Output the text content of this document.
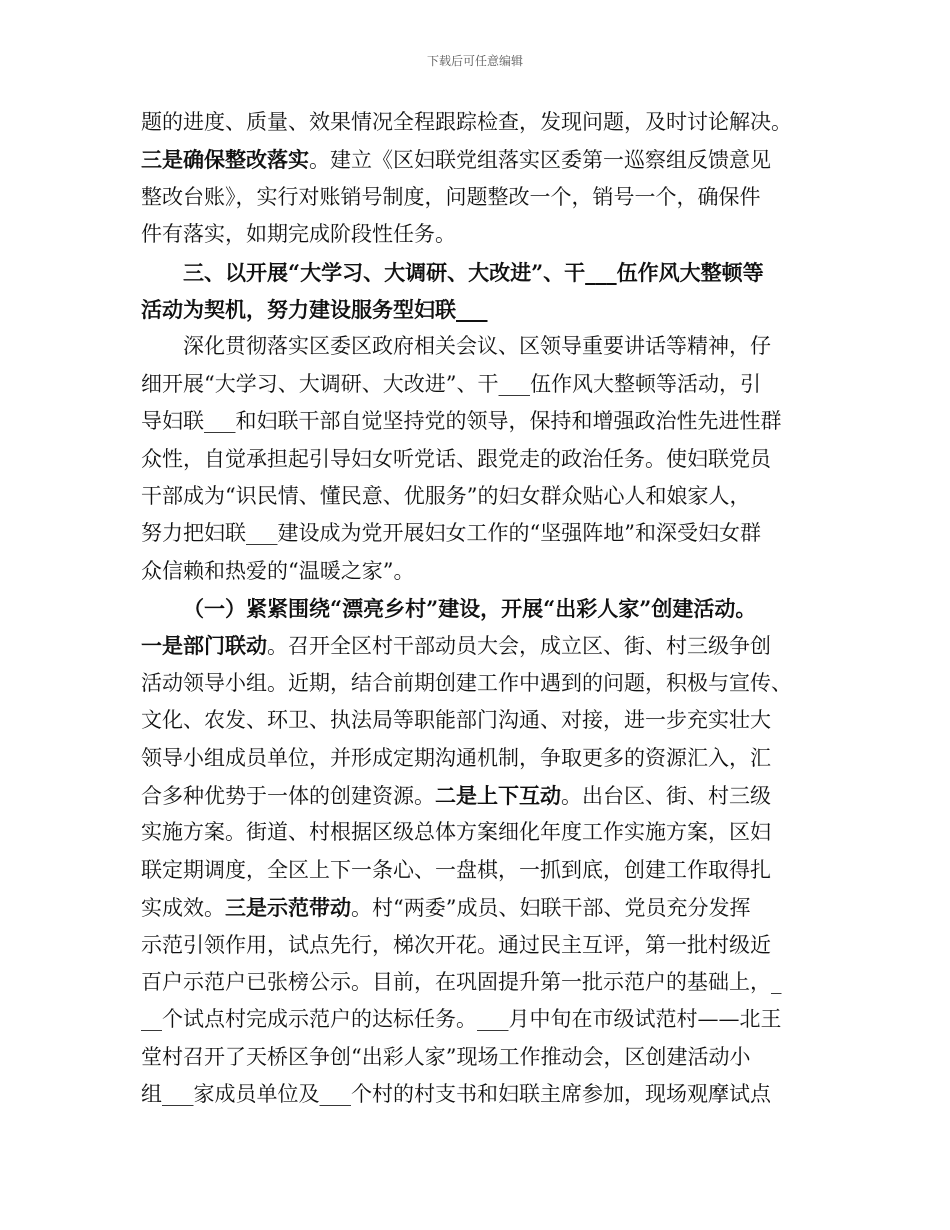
下载后可任意编辑
题的进度、质量、效果情况全程跟踪检查，发现问题，及时讨论解决。
三是确保整改落实。建立《区妇联党组落实区委第一巡察组反馈意见
整改台账》，实行对账销号制度，问题整改一个，销号一个，确保件
件有落实，如期完成阶段性任务。
三、以开展“大学习、大调研、大改进”、干___伍作风大整顿等
活动为契机，努力建设服务型妇联___
深化贯彻落实区委区政府相关会议、区领导重要讲话等精神，仔
细开展“大学习、大调研、大改进”、干___伍作风大整顿等活动，引
导妇联___和妇联干部自觉坚持党的领导，保持和增强政治性先进性群
众性，自觉承担起引导妇女听党话、跟党走的政治任务。使妇联党员
干部成为“识民情、懂民意、优服务”的妇女群众贴心人和娘家人，
努力把妇联___建设成为党开展妇女工作的“坚强阵地”和深受妇女群
众信赖和热爱的“温暖之家”。
（一）紧紧围绕“漂亮乡村”建设，开展“出彩人家”创建活动。
一是部门联动。召开全区村干部动员大会，成立区、街、村三级争创
活动领导小组。近期，结合前期创建工作中遇到的问题，积极与宣传、
文化、农发、环卫、执法局等职能部门沟通、对接，进一步充实壮大
领导小组成员单位，并形成定期沟通机制，争取更多的资源汇入，汇
合多种优势于一体的创建资源。二是上下互动。出台区、街、村三级
实施方案。街道、村根据区级总体方案细化年度工作实施方案，区妇
联定期调度，全区上下一条心、一盘棋，一抓到底，创建工作取得扎
实成效。三是示范带动。村“两委”成员、妇联干部、党员充分发挥
示范引领作用，试点先行，梯次开花。通过民主互评，第一批村级近
百户示范户已张榜公示。目前，在巩固提升第一批示范户的基础上，_
__个试点村完成示范户的达标任务。___月中旬在市级试范村——北王
堂村召开了天桥区争创“出彩人家”现场工作推动会，区创建活动小
组___家成员单位及___个村的村支书和妇联主席参加，现场观摩试点
